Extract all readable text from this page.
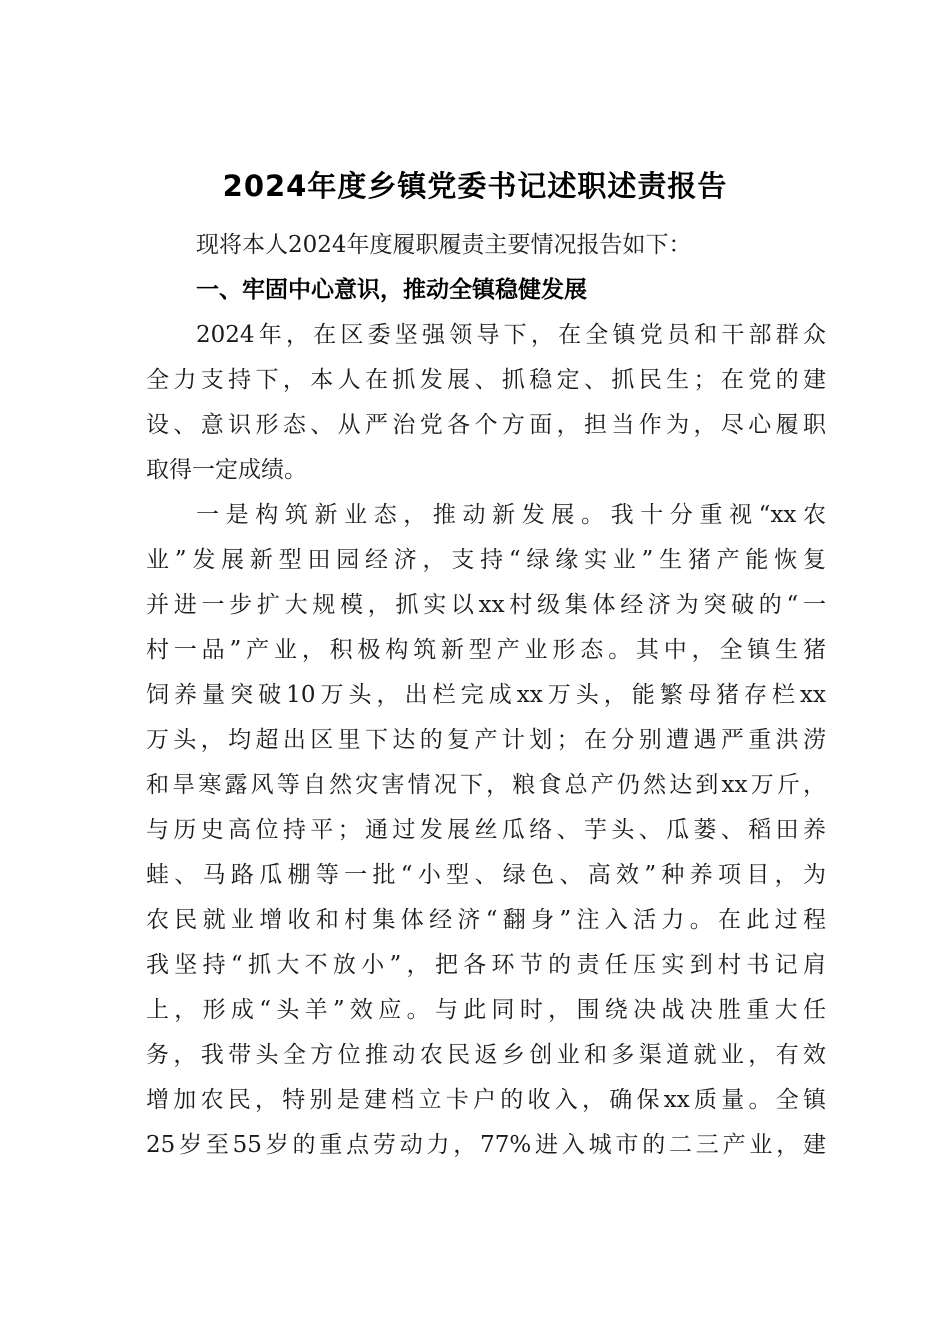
2024年度乡镇党委书记述职述责报告
现将本人2024年度履职履责主要情况报告如下：
一、牢固中心意识，推动全镇稳健发展
2024年，在区委坚强领导下，在全镇党员和干部群众
全力支持下，本人在抓发展、抓稳定、抓民生；在党的建
设、意识形态、从严治党各个方面，担当作为，尽心履职
取得一定成绩。
一是构筑新业态，推动新发展。我十分重视“xx农
业”发展新型田园经济，支持“绿缘实业”生猪产能恢复
并进一步扩大规模，抓实以xx村级集体经济为突破的“一
村一品”产业，积极构筑新型产业形态。其中，全镇生猪
饲养量突破10万头，出栏完成xx万头，能繁母猪存栏xx
万头，均超出区里下达的复产计划；在分别遭遇严重洪涝
和旱寒露风等自然灾害情况下，粮食总产仍然达到xx万斤，
与历史高位持平；通过发展丝瓜络、芋头、瓜蒌、稻田养
蛙、马路瓜棚等一批“小型、绿色、高效”种养项目，为
农民就业增收和村集体经济“翻身”注入活力。在此过程
我坚持“抓大不放小”，把各环节的责任压实到村书记肩
上，形成“头羊”效应。与此同时，围绕决战决胜重大任
务，我带头全方位推动农民返乡创业和多渠道就业，有效
增加农民，特别是建档立卡户的收入，确保xx质量。全镇
25岁至55岁的重点劳动力，77%进入城市的二三产业，建
